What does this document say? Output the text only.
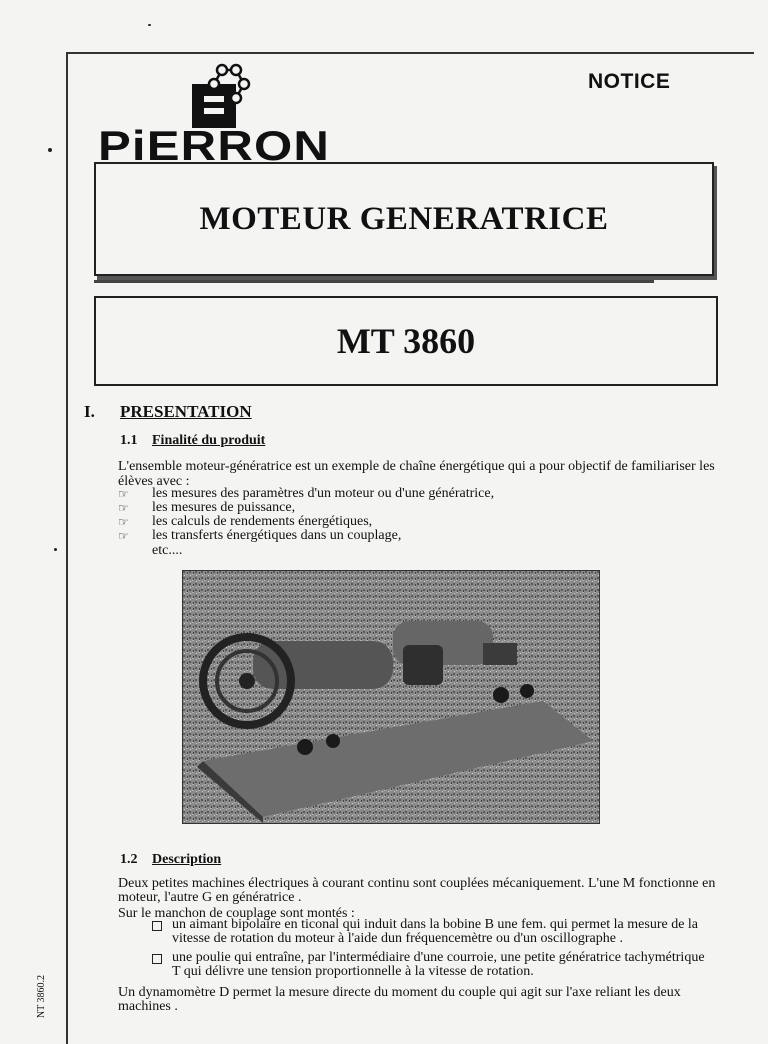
PiERRON
NOTICE
MOTEUR GENERATRICE
MT 3860
I. PRESENTATION
1.1 Finalité du produit
L'ensemble moteur-génératrice est un exemple de chaîne énergétique qui a pour objectif de familiariser les élèves avec :
☞	les mesures des paramètres d'un moteur ou d'une génératrice,
☞	les mesures de puissance,
☞	les calculs de rendements énergétiques,
☞	les transferts énergétiques dans un couplage,
etc....
1.2 Description
Deux petites machines électriques à courant continu sont couplées mécaniquement. L'une M fonctionne en moteur, l'autre G en génératrice .
Sur le manchon de couplage sont montés :
un aimant bipolaire en ticonal qui induit dans la bobine B une fem. qui permet la mesure de la vitesse de rotation du moteur à l'aide dun fréquencemètre ou d'un oscillographe .
une poulie qui entraîne, par l'intermédiaire d'une courroie, une petite génératrice tachymétrique T qui délivre une tension proportionnelle à la vitesse de rotation.
Un dynamomètre D permet la mesure directe du moment du couple qui agit sur l'axe reliant les deux machines .
NT 3860.2
